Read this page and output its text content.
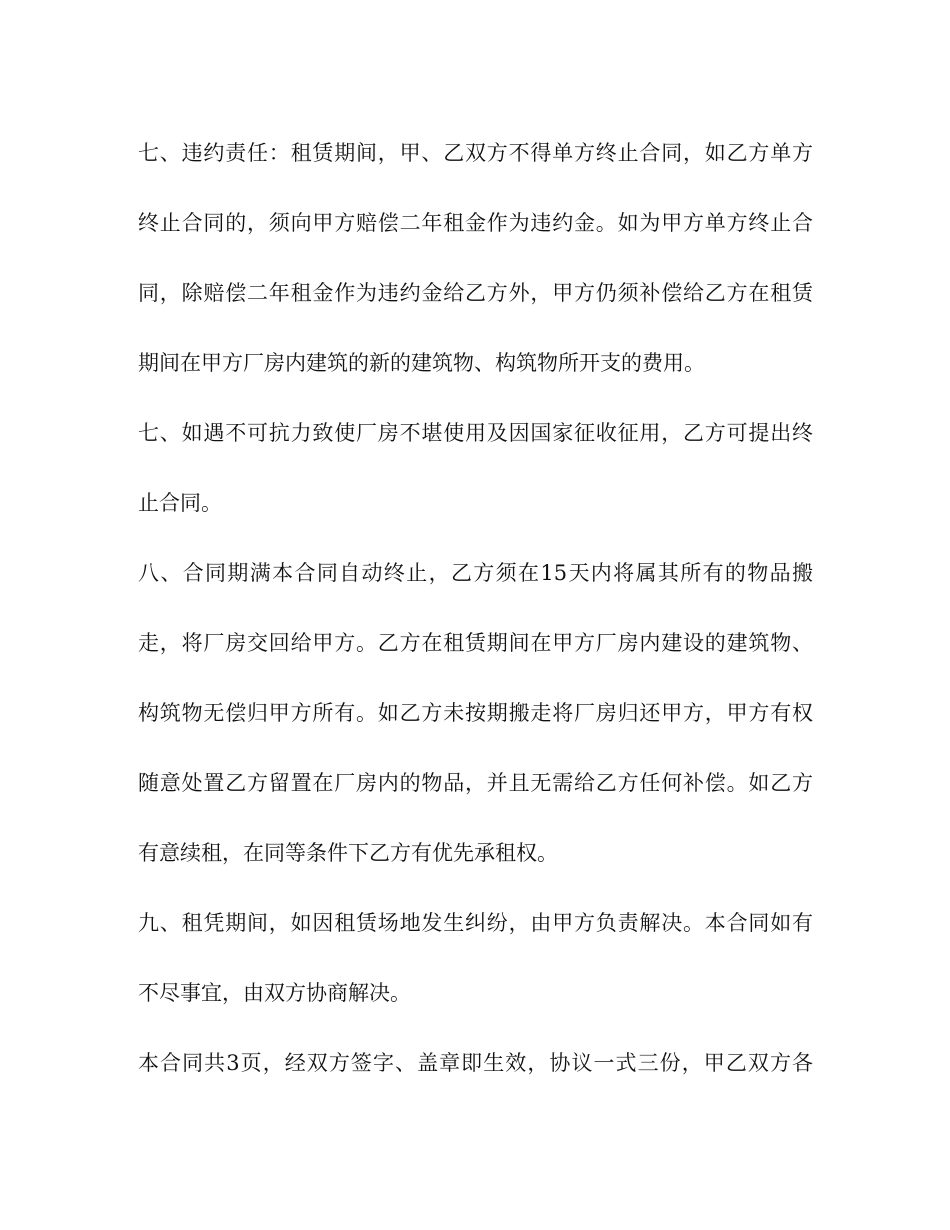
七、违约责任：租赁期间，甲、乙双方不得单方终止合同，如乙方单方
终止合同的，须向甲方赔偿二年租金作为违约金。如为甲方单方终止合
同，除赔偿二年租金作为违约金给乙方外，甲方仍须补偿给乙方在租赁
期间在甲方厂房内建筑的新的建筑物、构筑物所开支的费用。
七、如遇不可抗力致使厂房不堪使用及因国家征收征用，乙方可提出终
止合同。
八、合同期满本合同自动终止，乙方须在15天内将属其所有的物品搬
走，将厂房交回给甲方。乙方在租赁期间在甲方厂房内建设的建筑物、
构筑物无偿归甲方所有。如乙方未按期搬走将厂房归还甲方，甲方有权
随意处置乙方留置在厂房内的物品，并且无需给乙方任何补偿。如乙方
有意续租，在同等条件下乙方有优先承租权。
九、租凭期间，如因租赁场地发生纠纷，由甲方负责解决。本合同如有
不尽事宜，由双方协商解决。
本合同共3页，经双方签字、盖章即生效，协议一式三份，甲乙双方各
